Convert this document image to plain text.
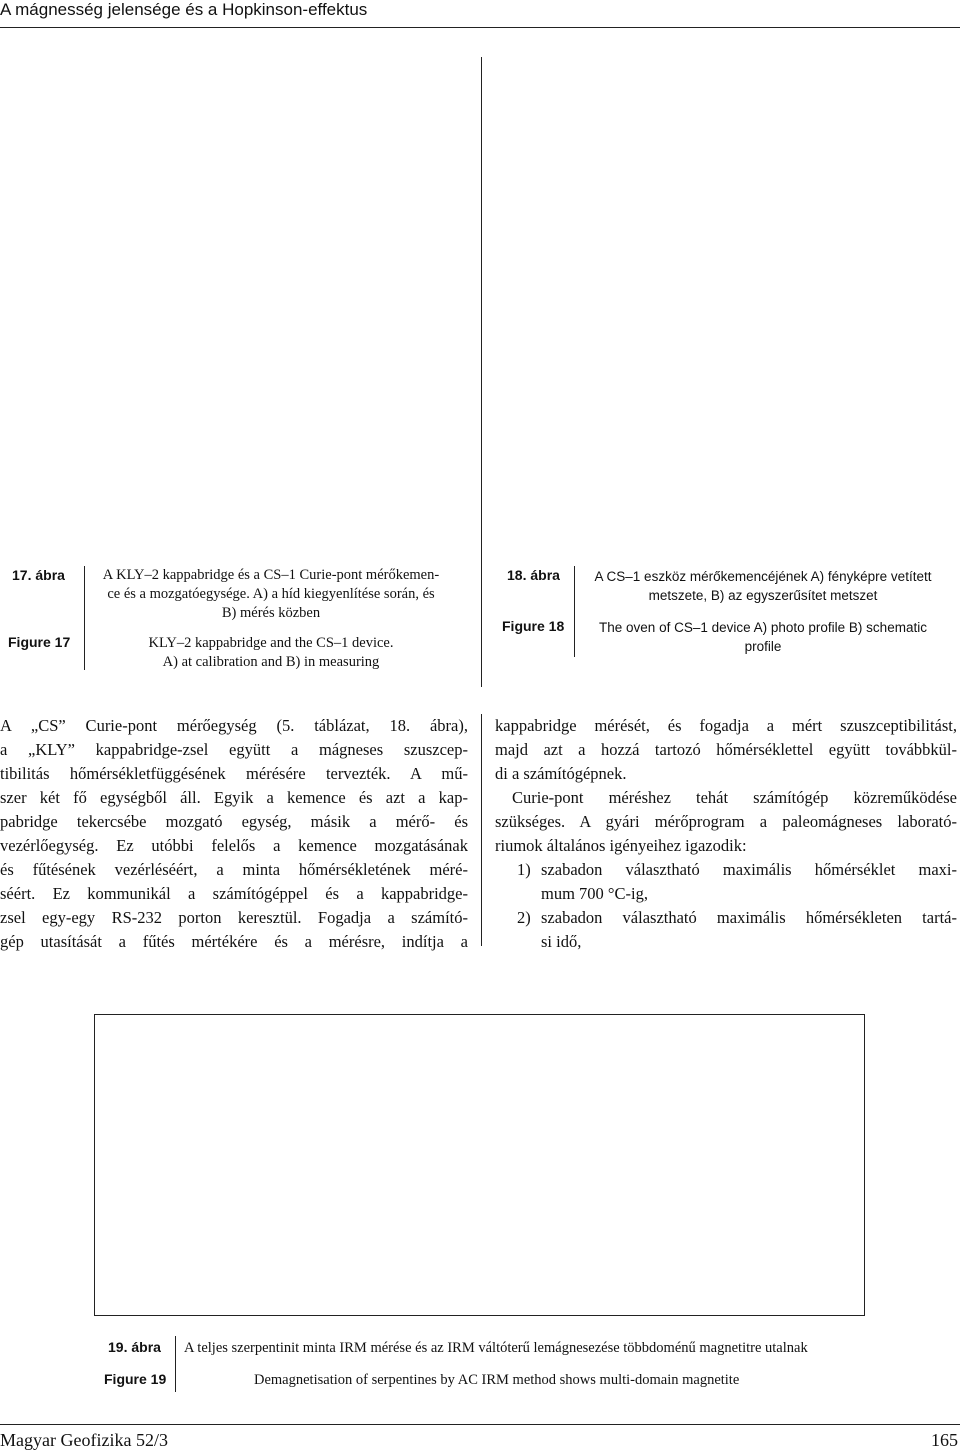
A mágnesség jelensége és a Hopkinson-effektus
17. ábra
Figure 17
A KLY–2 kappabridge és a CS–1 Curie-pont mérőkemen-
ce és a mozgatóegysége. A) a híd kiegyenlítése során, és
B) mérés közben
KLY–2 kappabridge and the CS–1 device.
A) at calibration and B) in measuring
18. ábra
Figure 18
A CS–1 eszköz mérőkemencéjének A) fényképre vetített
metszete, B) az egyszerűsítet metszet
The oven of CS–1 device A) photo profile B) schematic
profile
A „CS” Curie-pont mérőegység (5. táblázat, 18. ábra),
a „KLY” kappabridge-zsel együtt a mágneses szuszcep-
tibilitás hőmérsékletfüggésének mérésére tervezték. A mű-
szer két fő egységből áll. Egyik a kemence és azt a kap-
pabridge tekercsébe mozgató egység, másik a mérő- és
vezérlőegység. Ez utóbbi felelős a kemence mozgatásának
és fűtésének vezérléséért, a minta hőmérsékletének méré-
séért. Ez kommunikál a számítógéppel és a kappabridge-
zsel egy-egy RS-232 porton keresztül. Fogadja a számító-
gép utasítását a fűtés mértékére és a mérésre, indítja a
kappabridge mérését, és fogadja a mért szuszceptibilitást,
majd azt a hozzá tartozó hőmérséklettel együtt továbbkül-
di a számítógépnek.
Curie-pont méréshez tehát számítógép közreműködése
szükséges. A gyári mérőprogram a paleomágneses laborató-
riumok általános igényeihez igazodik:
1) szabadon választható maximális hőmérséklet maxi-
mum 700 °C-ig,
2) szabadon választható maximális hőmérsékleten tartá-
si idő,
19. ábra
Figure 19
A teljes szerpentinit minta IRM mérése és az IRM váltóterű lemágnesezése többdoménű magnetitre utalnak
Demagnetisation of serpentines by AC IRM method shows multi-domain magnetite
Magyar Geofizika 52/3	165
